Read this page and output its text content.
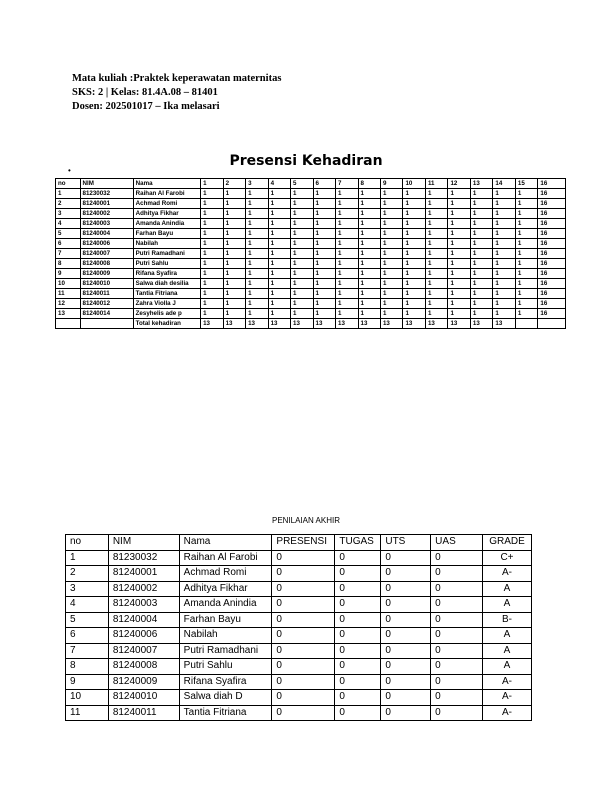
Mata kuliah :Praktek keperawatan maternitas
SKS: 2 | Kelas: 81.4A.08 – 81401
Dosen: 202501017 – Ika melasari
Presensi Kehadiran
•
no	NIM	Nama	1	2	3	4	5	6	7	8	9	10	11	12	13	14	15	16
1	81230032	Raihan Al Farobi	1	1	1	1	1	1	1	1	1	1	1	1	1	1	1	16
2	81240001	Achmad Romi	1	1	1	1	1	1	1	1	1	1	1	1	1	1	1	16
3	81240002	Adhitya Fikhar	1	1	1	1	1	1	1	1	1	1	1	1	1	1	1	16
4	81240003	Amanda Anindia	1	1	1	1	1	1	1	1	1	1	1	1	1	1	1	16
5	81240004	Farhan Bayu	1	1	1	1	1	1	1	1	1	1	1	1	1	1	1	16
6	81240006	Nabilah	1	1	1	1	1	1	1	1	1	1	1	1	1	1	1	16
7	81240007	Putri Ramadhani	1	1	1	1	1	1	1	1	1	1	1	1	1	1	1	16
8	81240008	Putri Sahlu	1	1	1	1	1	1	1	1	1	1	1	1	1	1	1	16
9	81240009	Rifana Syafira	1	1	1	1	1	1	1	1	1	1	1	1	1	1	1	16
10	81240010	Salwa diah desilia	1	1	1	1	1	1	1	1	1	1	1	1	1	1	1	16
11	81240011	Tantia Fitriana	1	1	1	1	1	1	1	1	1	1	1	1	1	1	1	16
12	81240012	Zahra Violla J	1	1	1	1	1	1	1	1	1	1	1	1	1	1	1	16
13	81240014	Zesyhelis ade p	1	1	1	1	1	1	1	1	1	1	1	1	1	1	1	16
		Total kehadiran	13	13	13	13	13	13	13	13	13	13	13	13	13	13		
PENILAIAN AKHIR
no	NIM	Nama	PRESENSI	TUGAS	UTS	UAS	GRADE
1	81230032	Raihan Al Farobi	0	0	0	0	C+
2	81240001	Achmad Romi	0	0	0	0	A-
3	81240002	Adhitya Fikhar	0	0	0	0	A
4	81240003	Amanda Anindia	0	0	0	0	A
5	81240004	Farhan Bayu	0	0	0	0	B-
6	81240006	Nabilah	0	0	0	0	A
7	81240007	Putri Ramadhani	0	0	0	0	A
8	81240008	Putri Sahlu	0	0	0	0	A
9	81240009	Rifana Syafira	0	0	0	0	A-
10	81240010	Salwa diah D	0	0	0	0	A-
11	81240011	Tantia Fitriana	0	0	0	0	A-
